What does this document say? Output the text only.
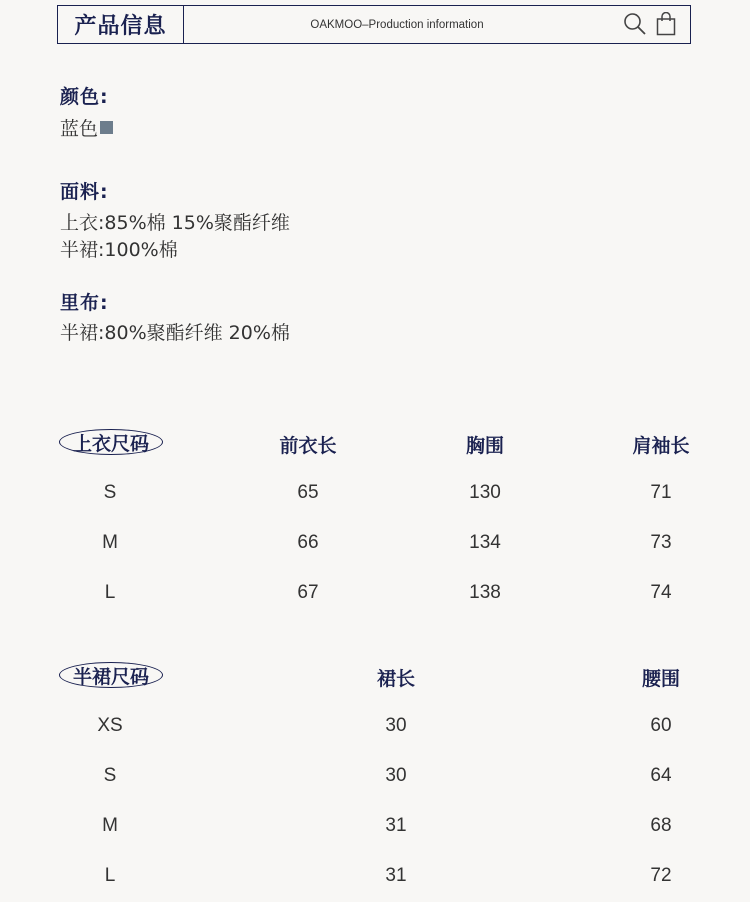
产品信息	OAKMOO–Production information
颜色:
蓝色
面料:
上衣:85%棉 15%聚酯纤维
半裙:100%棉
里布:
半裙:80%聚酯纤维 20%棉
上衣尺码	前衣长	胸围	肩袖长
S	65	130	71
M	66	134	73
L	67	138	74
半裙尺码	裙长	腰围
XS	30	60
S	30	64
M	31	68
L	31	72
